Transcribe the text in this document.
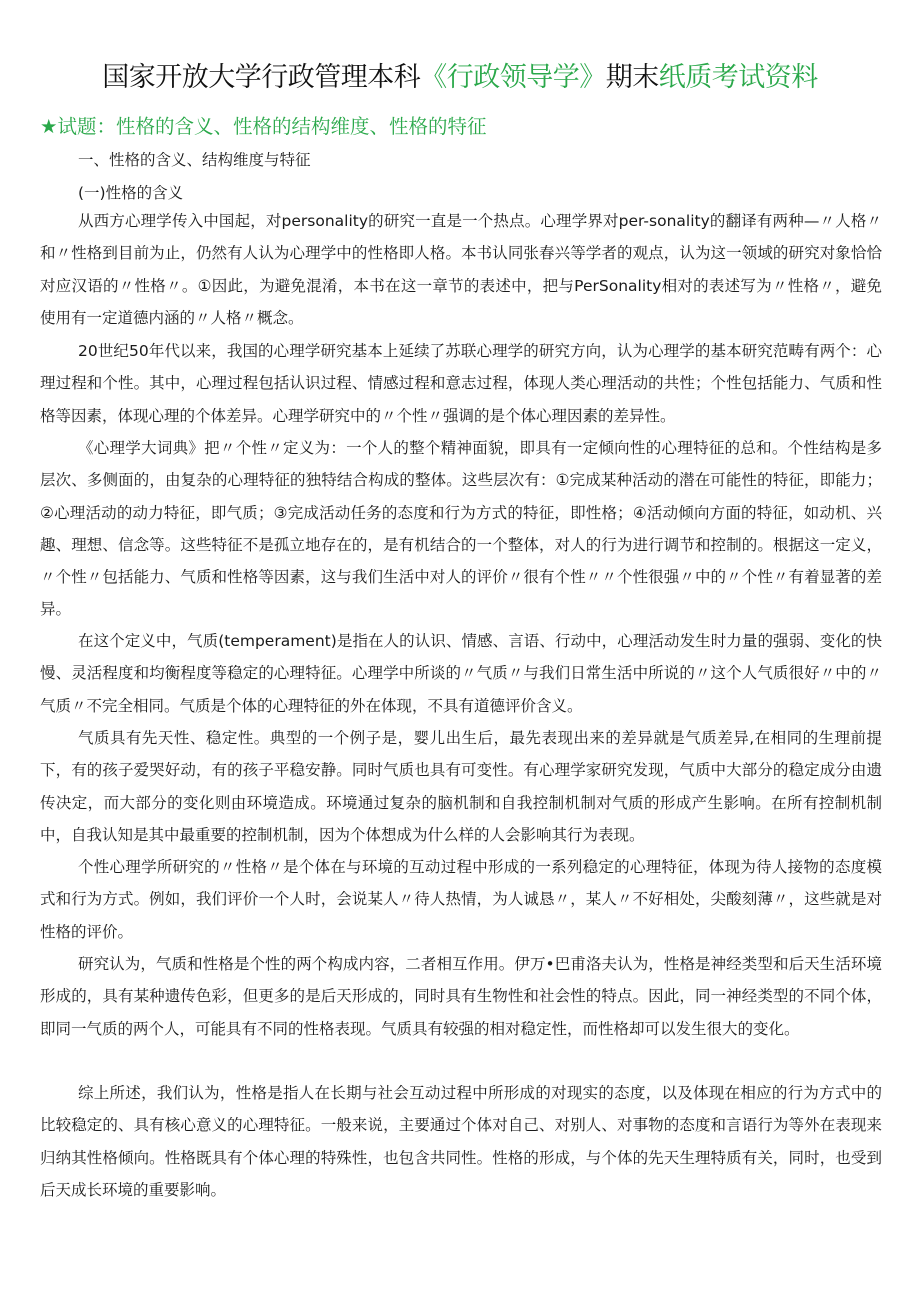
国家开放大学行政管理本科《行政领导学》期末纸质考试资料
★试题：性格的含义、性格的结构维度、性格的特征
一、性格的含义、结构维度与特征
(一)性格的含义

从西方心理学传入中国起，对personality的研究一直是一个热点。心理学界对per-sonality的翻译有两种—〃人格〃和〃性格到目前为止，仍然有人认为心理学中的性格即人格。本书认同张春兴等学者的观点，认为这一领域的研究对象恰恰对应汉语的〃性格〃。①因此，为避免混淆，本书在这一章节的表述中，把与PerSonality相对的表述写为〃性格〃，避免使用有一定道德内涵的〃人格〃概念。

20世纪50年代以来，我国的心理学研究基本上延续了苏联心理学的研究方向，认为心理学的基本研究范畴有两个：心理过程和个性。其中，心理过程包括认识过程、情感过程和意志过程，体现人类心理活动的共性；个性包括能力、气质和性格等因素，体现心理的个体差异。心理学研究中的〃个性〃强调的是个体心理因素的差异性。

《心理学大词典》把〃个性〃定义为：一个人的整个精神面貌，即具有一定倾向性的心理特征的总和。个性结构是多层次、多侧面的，由复杂的心理特征的独特结合构成的整体。这些层次有：①完成某种活动的潜在可能性的特征，即能力；②心理活动的动力特征，即气质；③完成活动任务的态度和行为方式的特征，即性格；④活动倾向方面的特征，如动机、兴趣、理想、信念等。这些特征不是孤立地存在的，是有机结合的一个整体，对人的行为进行调节和控制的。根据这一定义，〃个性〃包括能力、气质和性格等因素，这与我们生活中对人的评价〃很有个性〃〃个性很强〃中的〃个性〃有着显著的差异。

在这个定义中，气质(temperament)是指在人的认识、情感、言语、行动中，心理活动发生时力量的强弱、变化的快慢、灵活程度和均衡程度等稳定的心理特征。心理学中所谈的〃气质〃与我们日常生活中所说的〃这个人气质很好〃中的〃气质〃不完全相同。气质是个体的心理特征的外在体现，不具有道德评价含义。

气质具有先天性、稳定性。典型的一个例子是，婴儿出生后，最先表现出来的差异就是气质差异,在相同的生理前提下，有的孩子爱哭好动，有的孩子平稳安静。同时气质也具有可变性。有心理学家研究发现，气质中大部分的稳定成分由遗传决定，而大部分的变化则由环境造成。环境通过复杂的脑机制和自我控制机制对气质的形成产生影响。在所有控制机制中，自我认知是其中最重要的控制机制，因为个体想成为什么样的人会影响其行为表现。

个性心理学所研究的〃性格〃是个体在与环境的互动过程中形成的一系列稳定的心理特征，体现为待人接物的态度模式和行为方式。例如，我们评价一个人时，会说某人〃待人热情，为人诚恳〃，某人〃不好相处，尖酸刻薄〃，这些就是对性格的评价。

研究认为，气质和性格是个性的两个构成内容，二者相互作用。伊万•巴甫洛夫认为，性格是神经类型和后天生活环境形成的，具有某种遗传色彩，但更多的是后天形成的，同时具有生物性和社会性的特点。因此，同一神经类型的不同个体，即同一气质的两个人，可能具有不同的性格表现。气质具有较强的相对稳定性，而性格却可以发生很大的变化。

综上所述，我们认为，性格是指人在长期与社会互动过程中所形成的对现实的态度，以及体现在相应的行为方式中的比较稳定的、具有核心意义的心理特征。一般来说，主要通过个体对自己、对别人、对事物的态度和言语行为等外在表现来归纳其性格倾向。性格既具有个体心理的特殊性，也包含共同性。性格的形成，与个体的先天生理特质有关，同时，也受到后天成长环境的重要影响。
